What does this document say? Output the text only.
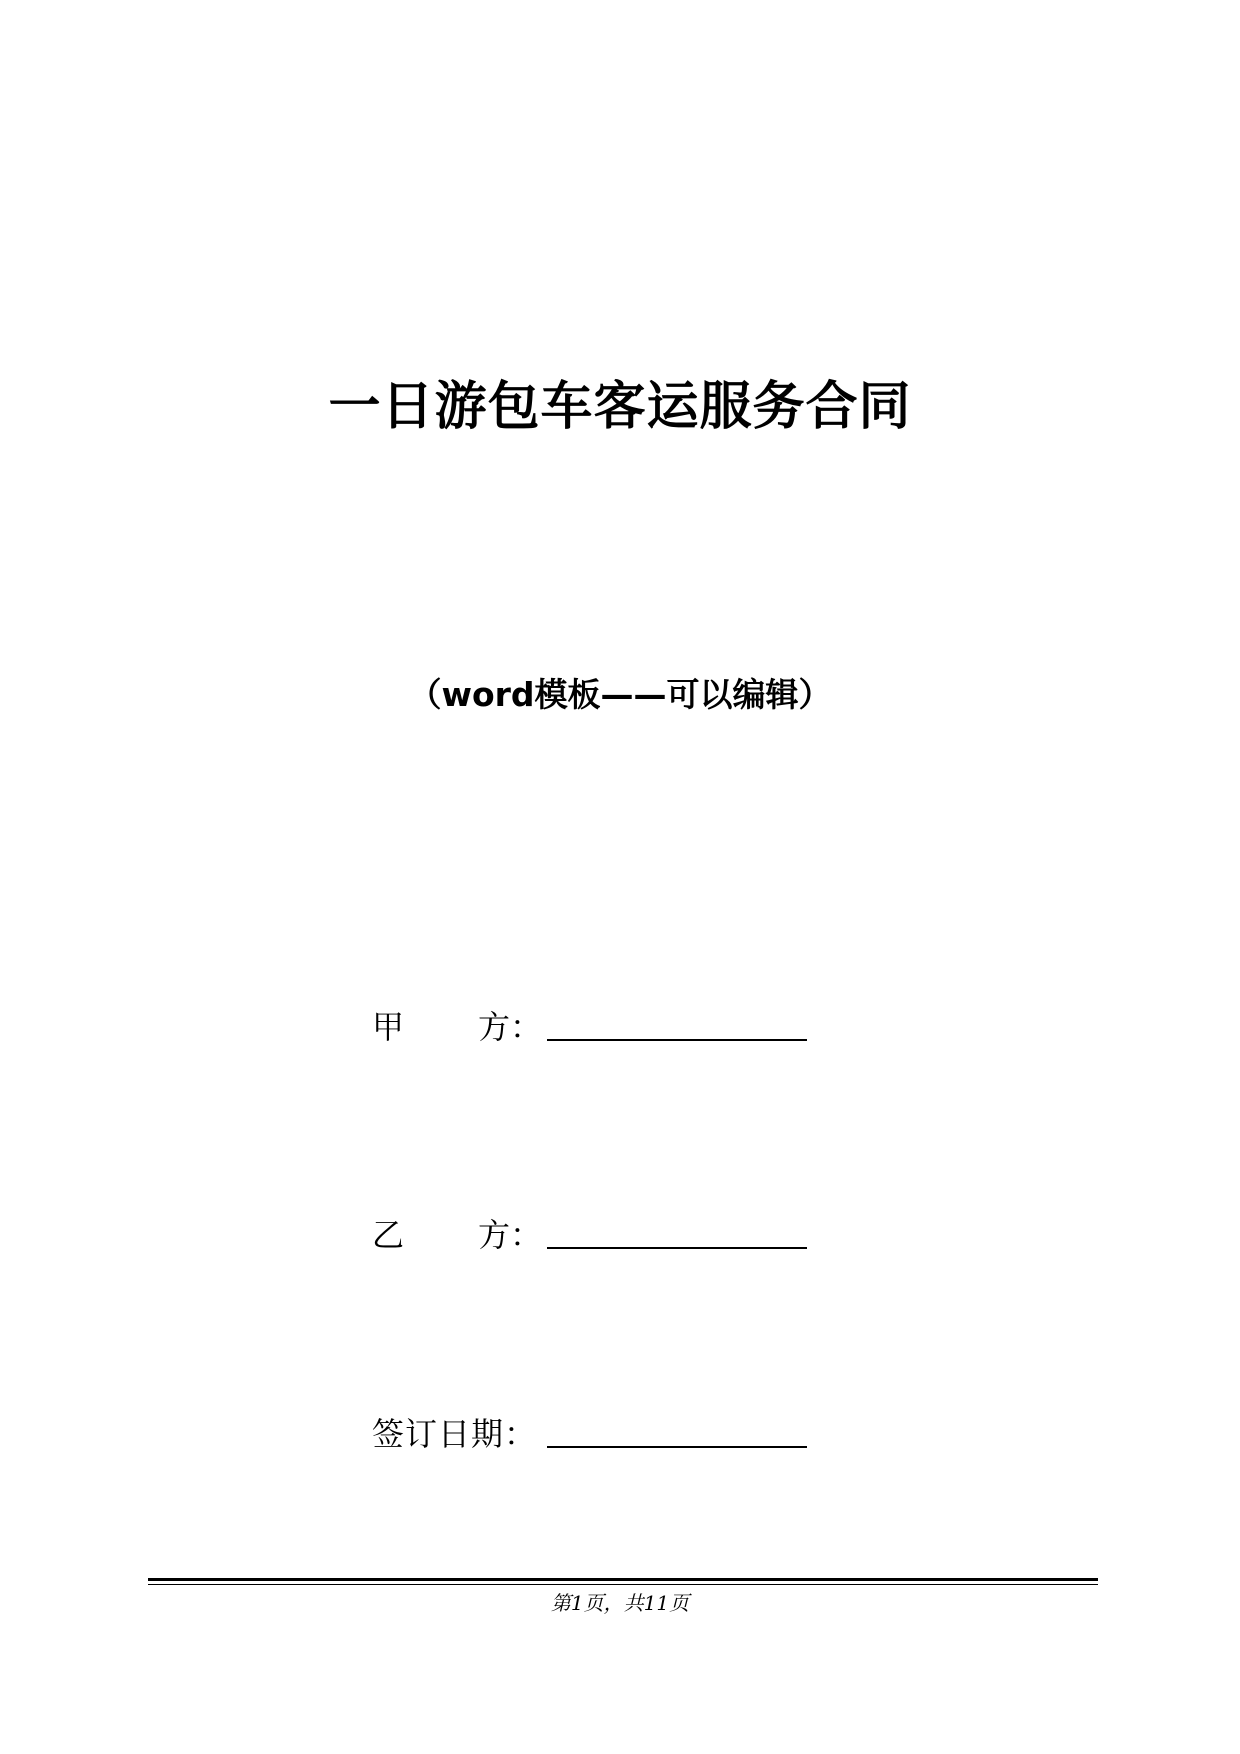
一日游包车客运服务合同
（word模板——可以编辑）
甲 方：
乙 方：
签订日期：
第1页，共11页
